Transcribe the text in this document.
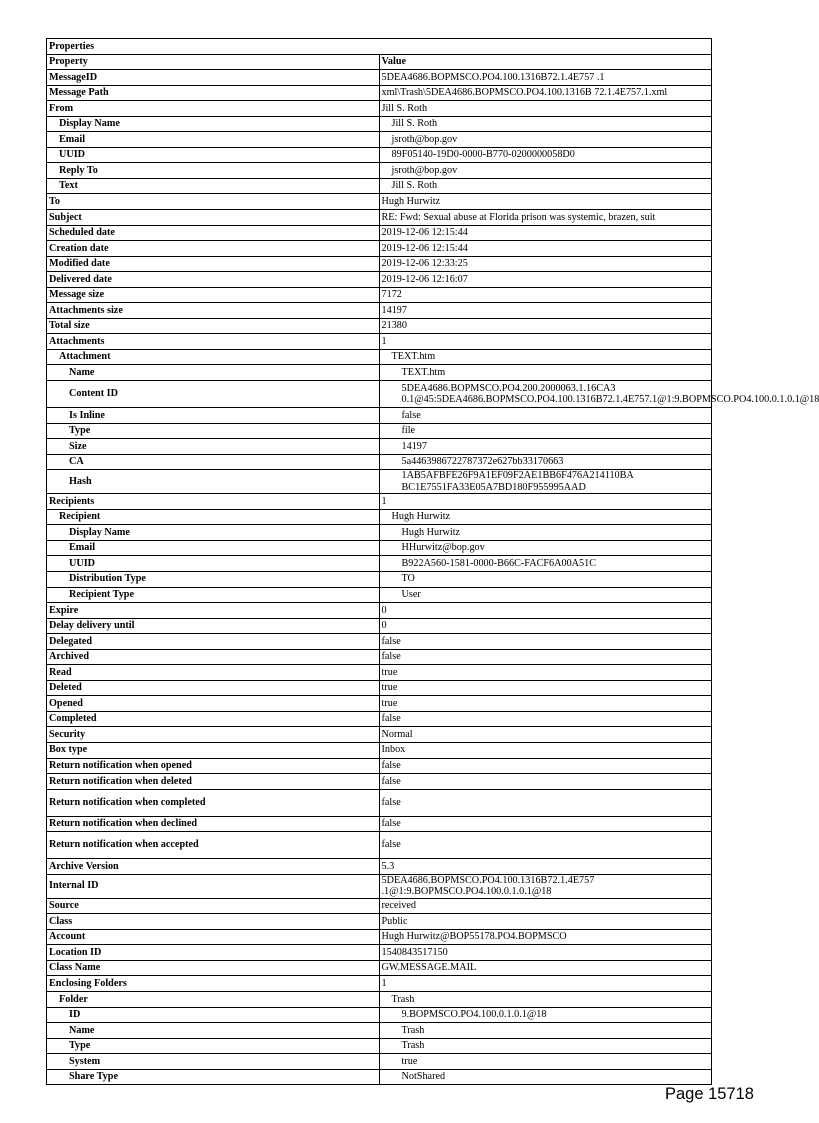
Properties	
Property	Value
MessageID	5DEA4686.BOPMSCO.PO4.100.1316B72.1.4E757 .1
Message Path	xml\Trash\5DEA4686.BOPMSCO.PO4.100.1316B 72.1.4E757.1.xml
From	Jill S. Roth
Display Name	Jill S. Roth
Email	jsroth@bop.gov
UUID	89F05140-19D0-0000-B770-0200000058D0
Reply To	jsroth@bop.gov
Text	Jill S. Roth
To	Hugh Hurwitz
Subject	RE: Fwd: Sexual abuse at Florida prison was systemic, brazen, suit
Scheduled date	2019-12-06 12:15:44
Creation date	2019-12-06 12:15:44
Modified date	2019-12-06 12:33:25
Delivered date	2019-12-06 12:16:07
Message size	7172
Attachments size	14197
Total size	21380
Attachments	1
Attachment	TEXT.htm
Name	TEXT.htm
Content ID	5DEA4686.BOPMSCO.PO4.200.2000063.1.16CA3 0.1@45:5DEA4686.BOPMSCO.PO4.100.1316B72.1.4E757.1@1:9.BOPMSCO.PO4.100.0.1.0.1@18
Is Inline	false
Type	file
Size	14197
CA	5a4463986722787372e627bb33170663
Hash	1AB5AFBFE26F9A1EF09F2AE1BB6F476A214110BA BC1E7551FA33E05A7BD180F955995AAD
Recipients	1
Recipient	Hugh Hurwitz
Display Name	Hugh Hurwitz
Email	HHurwitz@bop.gov
UUID	B922A560-1581-0000-B66C-FACF6A00A51C
Distribution Type	TO
Recipient Type	User
Expire	0
Delay delivery until	0
Delegated	false
Archived	false
Read	true
Deleted	true
Opened	true
Completed	false
Security	Normal
Box type	Inbox
Return notification when opened	false
Return notification when deleted	false
Return notification when completed	false
Return notification when declined	false
Return notification when accepted	false
Archive Version	5.3
Internal ID	5DEA4686.BOPMSCO.PO4.100.1316B72.1.4E757 .1@1:9.BOPMSCO.PO4.100.0.1.0.1@18
Source	received
Class	Public
Account	Hugh Hurwitz@BOP55178.PO4.BOPMSCO
Location ID	1540843517150
Class Name	GW.MESSAGE.MAIL
Enclosing Folders	1
Folder	Trash
ID	9.BOPMSCO.PO4.100.0.1.0.1@18
Name	Trash
Type	Trash
System	true
Share Type	NotShared
Page 15718
